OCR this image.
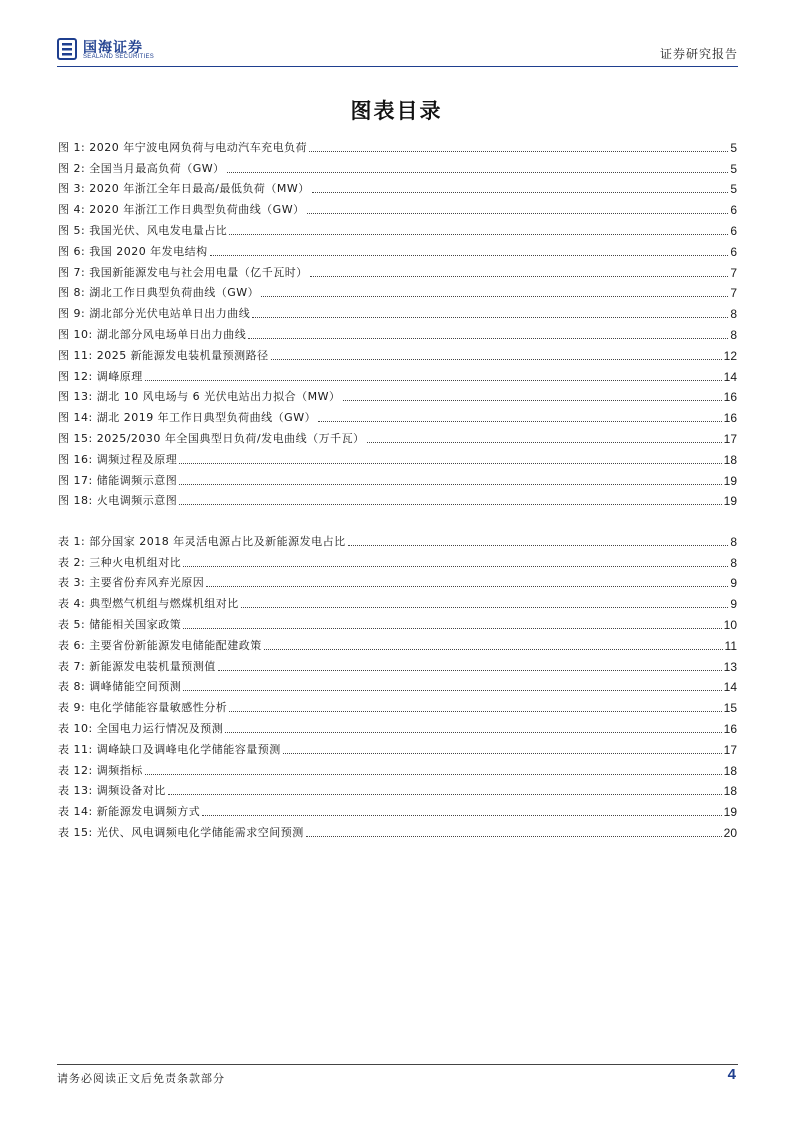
国海证券
SEALAND SECURITIES	证券研究报告
图表目录
图 1: 2020 年宁波电网负荷与电动汽车充电负荷	5
图 2: 全国当月最高负荷（GW）	5
图 3: 2020 年浙江全年日最高/最低负荷（MW）	5
图 4: 2020 年浙江工作日典型负荷曲线（GW）	6
图 5: 我国光伏、风电发电量占比	6
图 6: 我国 2020 年发电结构	6
图 7: 我国新能源发电与社会用电量（亿千瓦时）	7
图 8: 湖北工作日典型负荷曲线（GW）	7
图 9: 湖北部分光伏电站单日出力曲线	8
图 10: 湖北部分风电场单日出力曲线	8
图 11: 2025 新能源发电装机量预测路径	12
图 12: 调峰原理	14
图 13: 湖北 10 风电场与 6 光伏电站出力拟合（MW）	16
图 14: 湖北 2019 年工作日典型负荷曲线（GW）	16
图 15: 2025/2030 年全国典型日负荷/发电曲线（万千瓦）	17
图 16: 调频过程及原理	18
图 17: 储能调频示意图	19
图 18: 火电调频示意图	19
表 1: 部分国家 2018 年灵活电源占比及新能源发电占比	8
表 2: 三种火电机组对比	8
表 3: 主要省份弃风弃光原因	9
表 4: 典型燃气机组与燃煤机组对比	9
表 5: 储能相关国家政策	10
表 6: 主要省份新能源发电储能配建政策	11
表 7: 新能源发电装机量预测值	13
表 8: 调峰储能空间预测	14
表 9: 电化学储能容量敏感性分析	15
表 10: 全国电力运行情况及预测	16
表 11: 调峰缺口及调峰电化学储能容量预测	17
表 12: 调频指标	18
表 13: 调频设备对比	18
表 14: 新能源发电调频方式	19
表 15: 光伏、风电调频电化学储能需求空间预测	20
请务必阅读正文后免责条款部分	4
